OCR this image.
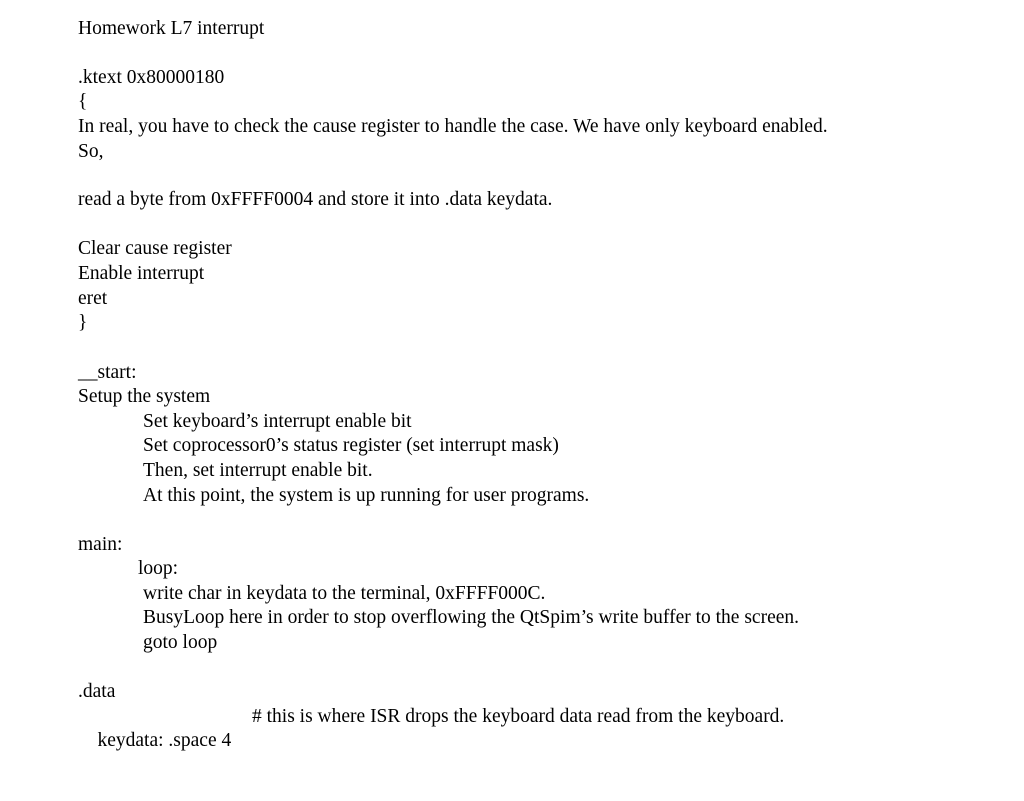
Homework L7 interrupt
.ktext 0x80000180
{
In real, you have to check the cause register to handle the case. We have only keyboard enabled.
So,
read a byte from 0xFFFF0004 and store it into .data keydata.
Clear cause register
Enable interrupt
eret
}
__start:
Setup the system
Set keyboard’s interrupt enable bit
Set coprocessor0’s status register (set interrupt mask)
Then, set interrupt enable bit.
At this point, the system is up running for user programs.
main:
loop:
write char in keydata to the terminal, 0xFFFF000C.
BusyLoop here in order to stop overflowing the QtSpim’s write buffer to the screen.
goto loop
.data

keydata: .space 4

# this is where ISR drops the keyboard data read from the keyboard.
